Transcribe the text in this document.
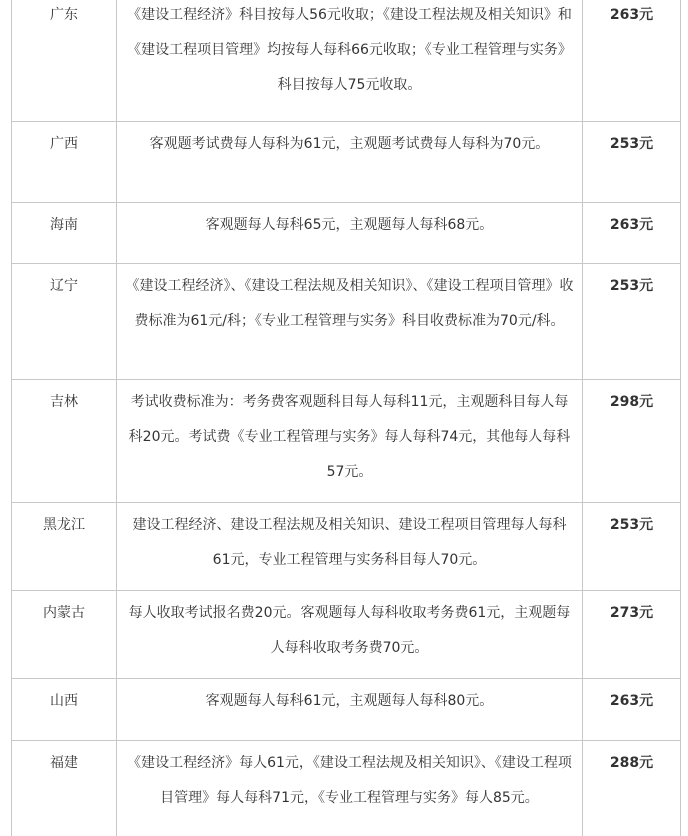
广东	《建设工程经济》科目按每人56元收取；《建设工程法规及相关知识》和《建设工程项目管理》均按每人每科66元收取；《专业工程管理与实务》科目按每人75元收取。	263元

广西	客观题考试费每人每科为61元，主观题考试费每人每科为70元。	253元

海南	客观题每人每科65元，主观题每人每科68元。	263元

辽宁	《建设工程经济》、《建设工程法规及相关知识》、《建设工程项目管理》收费标准为61元/科；《专业工程管理与实务》科目收费标准为70元/科。	253元

吉林	考试收费标准为：考务费客观题科目每人每科11元，主观题科目每人每科20元。考试费《专业工程管理与实务》每人每科74元，其他每人每科57元。	298元

黑龙江	建设工程经济、建设工程法规及相关知识、建设工程项目管理每人每科61元，专业工程管理与实务科目每人70元。	253元

内蒙古	每人收取考试报名费20元。客观题每人每科收取考务费61元，主观题每人每科收取考务费70元。	273元

山西	客观题每人每科61元，主观题每人每科80元。	263元

福建	《建设工程经济》每人61元，《建设工程法规及相关知识》、《建设工程项目管理》每人每科71元，《专业工程管理与实务》每人85元。	288元
